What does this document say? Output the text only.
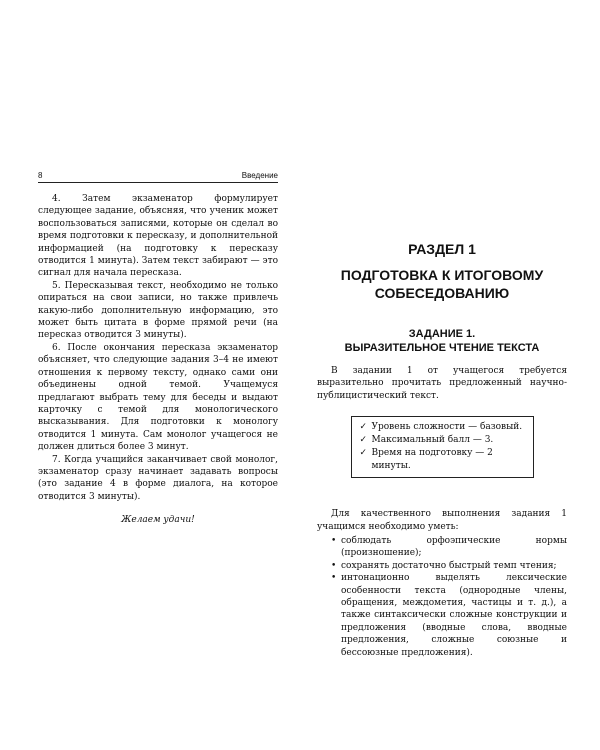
8	Введение

4. Затем экзаменатор формулирует следующее задание, объясняя, что ученик может воспользоваться записями, которые он сделал во время подготовки к пересказу, и дополнительной информацией (на подготовку к пересказу отводится 1 минута). Затем текст забирают — это сигнал для начала пересказа.

5. Пересказывая текст, необходимо не только опираться на свои записи, но также привлечь какую-либо дополнительную информацию, это может быть цитата в форме прямой речи (на пересказ отводится 3 минуты).

6. После окончания пересказа экзаменатор объясняет, что следующие задания 3–4 не имеют отношения к первому тексту, однако сами они объединены одной темой. Учащемуся предлагают выбрать тему для беседы и выдают карточку с темой для монологического высказывания. Для подготовки к монологу отводится 1 минута. Сам монолог учащегося не должен длиться более 3 минут.

7. Когда учащийся заканчивает свой монолог, экзаменатор сразу начинает задавать вопросы (это задание 4 в форме диалога, на которое отводится 3 минуты).

Желаем удачи!
РАЗДЕЛ 1
ПОДГОТОВКА К ИТОГОВОМУ СОБЕСЕДОВАНИЮ
ЗАДАНИЕ 1.
ВЫРАЗИТЕЛЬНОЕ ЧТЕНИЕ ТЕКСТА

В задании 1 от учащегося требуется выразительно прочитать предложенный научно-публицистический текст.

✓ Уровень сложности — базовый.
✓ Максимальный балл — 3.
✓ Время на подготовку — 2 минуты.

Для качественного выполнения задания 1 учащимся необходимо уметь:

• соблюдать орфоэпические нормы (произношение);
• сохранять достаточно быстрый темп чтения;
• интонационно выделять лексические особенности текста (однородные члены, обращения, междометия, частицы и т. д.), а также синтаксически сложные конструкции и предложения (вводные слова, вводные предложения, сложные союзные и бессоюзные предложения).
